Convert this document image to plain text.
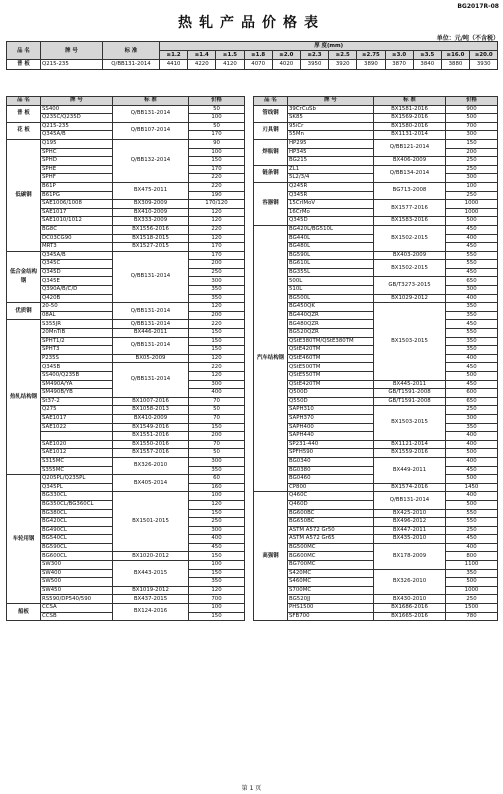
BG2017R-08
热轧产品价格表
单位：元/吨（不含税）
品 名	牌 号	标 准	厚 度(mm)											
			≥1.2	≥1.4	≥1.5	≥1.8	≥2.0	≥2.3	≥2.5	≥2.75	≥3.0	≥3.5	≥16.0	≥20.0
普 板	Q215-235	Q/BB131-2014	4410	4220	4120	4070	4020	3950	3920	3890	3870	3840	3880	3930
品 名	牌 号	标 准	价格
普 板	SS400	Q/BB131-2014	50
	Q235C/Q235D		100
花 板	Q215-235	Q/BB107-2014	50
	Q345A/B		170
低碳钢	Q195	Q/BB132-2014	90
	SPHC		100
	SPHD		150
	SPHE		170
	SPHF		220
	B61P	BX475-2011	220
	B61PG		190
	SAE1006/1008	BX309-2009	170/120
	SAE1017	BX410-2009	120
	SAE1010/1012	BX333-2009	120
	BG8C	BX1556-2016	220
	DC03CG90	BX1518-2015	120
	MRT3	BX1527-2015	170
低合金结构钢	Q345A/B	Q/BB131-2014	170
	Q345C		200
	Q345D		250
	Q345E		300
	Q390A/B/C/D		350
	Q420B		350
优质钢	20-50	Q/BB131-2014	120
	08AL		200
热轧结构钢	S355JR	Q/BB131-2014	220
	20MnTiB	BX446-2011	150
	SPHT1/2	Q/BB131-2014	150
	SPHT3		150
	P235S	BX05-2009	120
	Q345B	Q/BB131-2014	220
	SS400/Q235B		120
	SM490A/YA		300
	SM490B/YB		400
	St37-2	BX1007-2016	70
	Q275	BX1058-2013	50
	SAE1017	BX410-2009	70
	SAE1022	BX1549-2016	150
		BX1551-2016	200
	SAE1020	BX1550-2016	70
	SAE1012	BX1557-2016	50
	S315MC	BX326-2010	300
	S355MC		350
车轮用钢	Q205PL/Q235PL	BX405-2014	60
	Q345PL		160
	BG330CL	BX1501-2015	100
	BG350CL/BG360CL		120
	BG380CL		150
	BG420CL		250
	BG490CL		300
	BG540CL		400
	BG590CL		450
	BG600CL	BX1020-2012	150
	SW300	BX443-2015	100
	SW400		150
	SW500		350
	SW450	BX1019-2012	120
	RS590/DP540/590	BX437-2015	700
船板	CCSA	BX124-2016	100
	CCSB		150
品 名	牌 号	标 准	价格
管线钢	39CrCuSb	BX1581-2016	900
	SK85	BX1569-2016	500
刃具钢	95iCr	BX1580-2016	700
	55Mn	BX1131-2014	300
焊瓶钢	HP295	Q/BB121-2014	150
	HP345		200
	BG215	BX406-2009	250
链条钢	ZL1	Q/BB134-2014	250
	5L2/3/4		300
容器钢	Q245R	BG713-2008	100
	Q345R		250
	15CrIMoV	BX1577-2016	1000
	16CrMo		1000
	Q345D	BX1583-2016	500
汽车结构钢	BG420L/BG510L	BX1502-2015	450
	BG440L		400
	BG480L		450
	BG590L	BX403-2009	550
	BG610L	BX1502-2015	550
	BG355L		450
	500L	GB/T3273-2015	650
	510L		300
	BG500L	BX1029-2012	400
	BG450QK	BX1503-2015	350
	BG440QZR		350
	BG480QZR		450
	BG520QZR		550
	QStE380TM/QStE380TM		350
	QStE420TM		350
	QStE460TM		400
	QStE500TM		450
	QStE550TM		500
	QStE420TM	BX445-2011	450
	Q500D	GB/T1591-2008	600
	Q550D	GB/T1591-2008	650
	SAPH310	BX1503-2015	250
	SAPH370		300
	SAPH400		350
	SAPH440		400
	SP231-440	BX1121-2014	400
	SPFH590	BX1559-2016	500
	BG0340	BX449-2011	400
	BG0380		450
	BG0460		500
	CP800	BX1574-2016	1450
高强钢	Q460C	Q/BB131-2014	400
	Q460D		500
	BG600BC	BX425-2010	550
	BG650BC	BX496-2012	550
	ASTM A572 Gr50	BX447-2011	250
	ASTM A572 Gr65	BX435-2010	450
	BG500MC	BX178-2009	400
	BG600MC		800
	BG700MC		1100
	S420MC	BX326-2010	350
	S460MC		500
	S700MC		1000
	BG520JJ	BX430-2010	250
	PHS1500	BX1686-2016	1500
	SFB700	BX1665-2016	780
第 1 页
